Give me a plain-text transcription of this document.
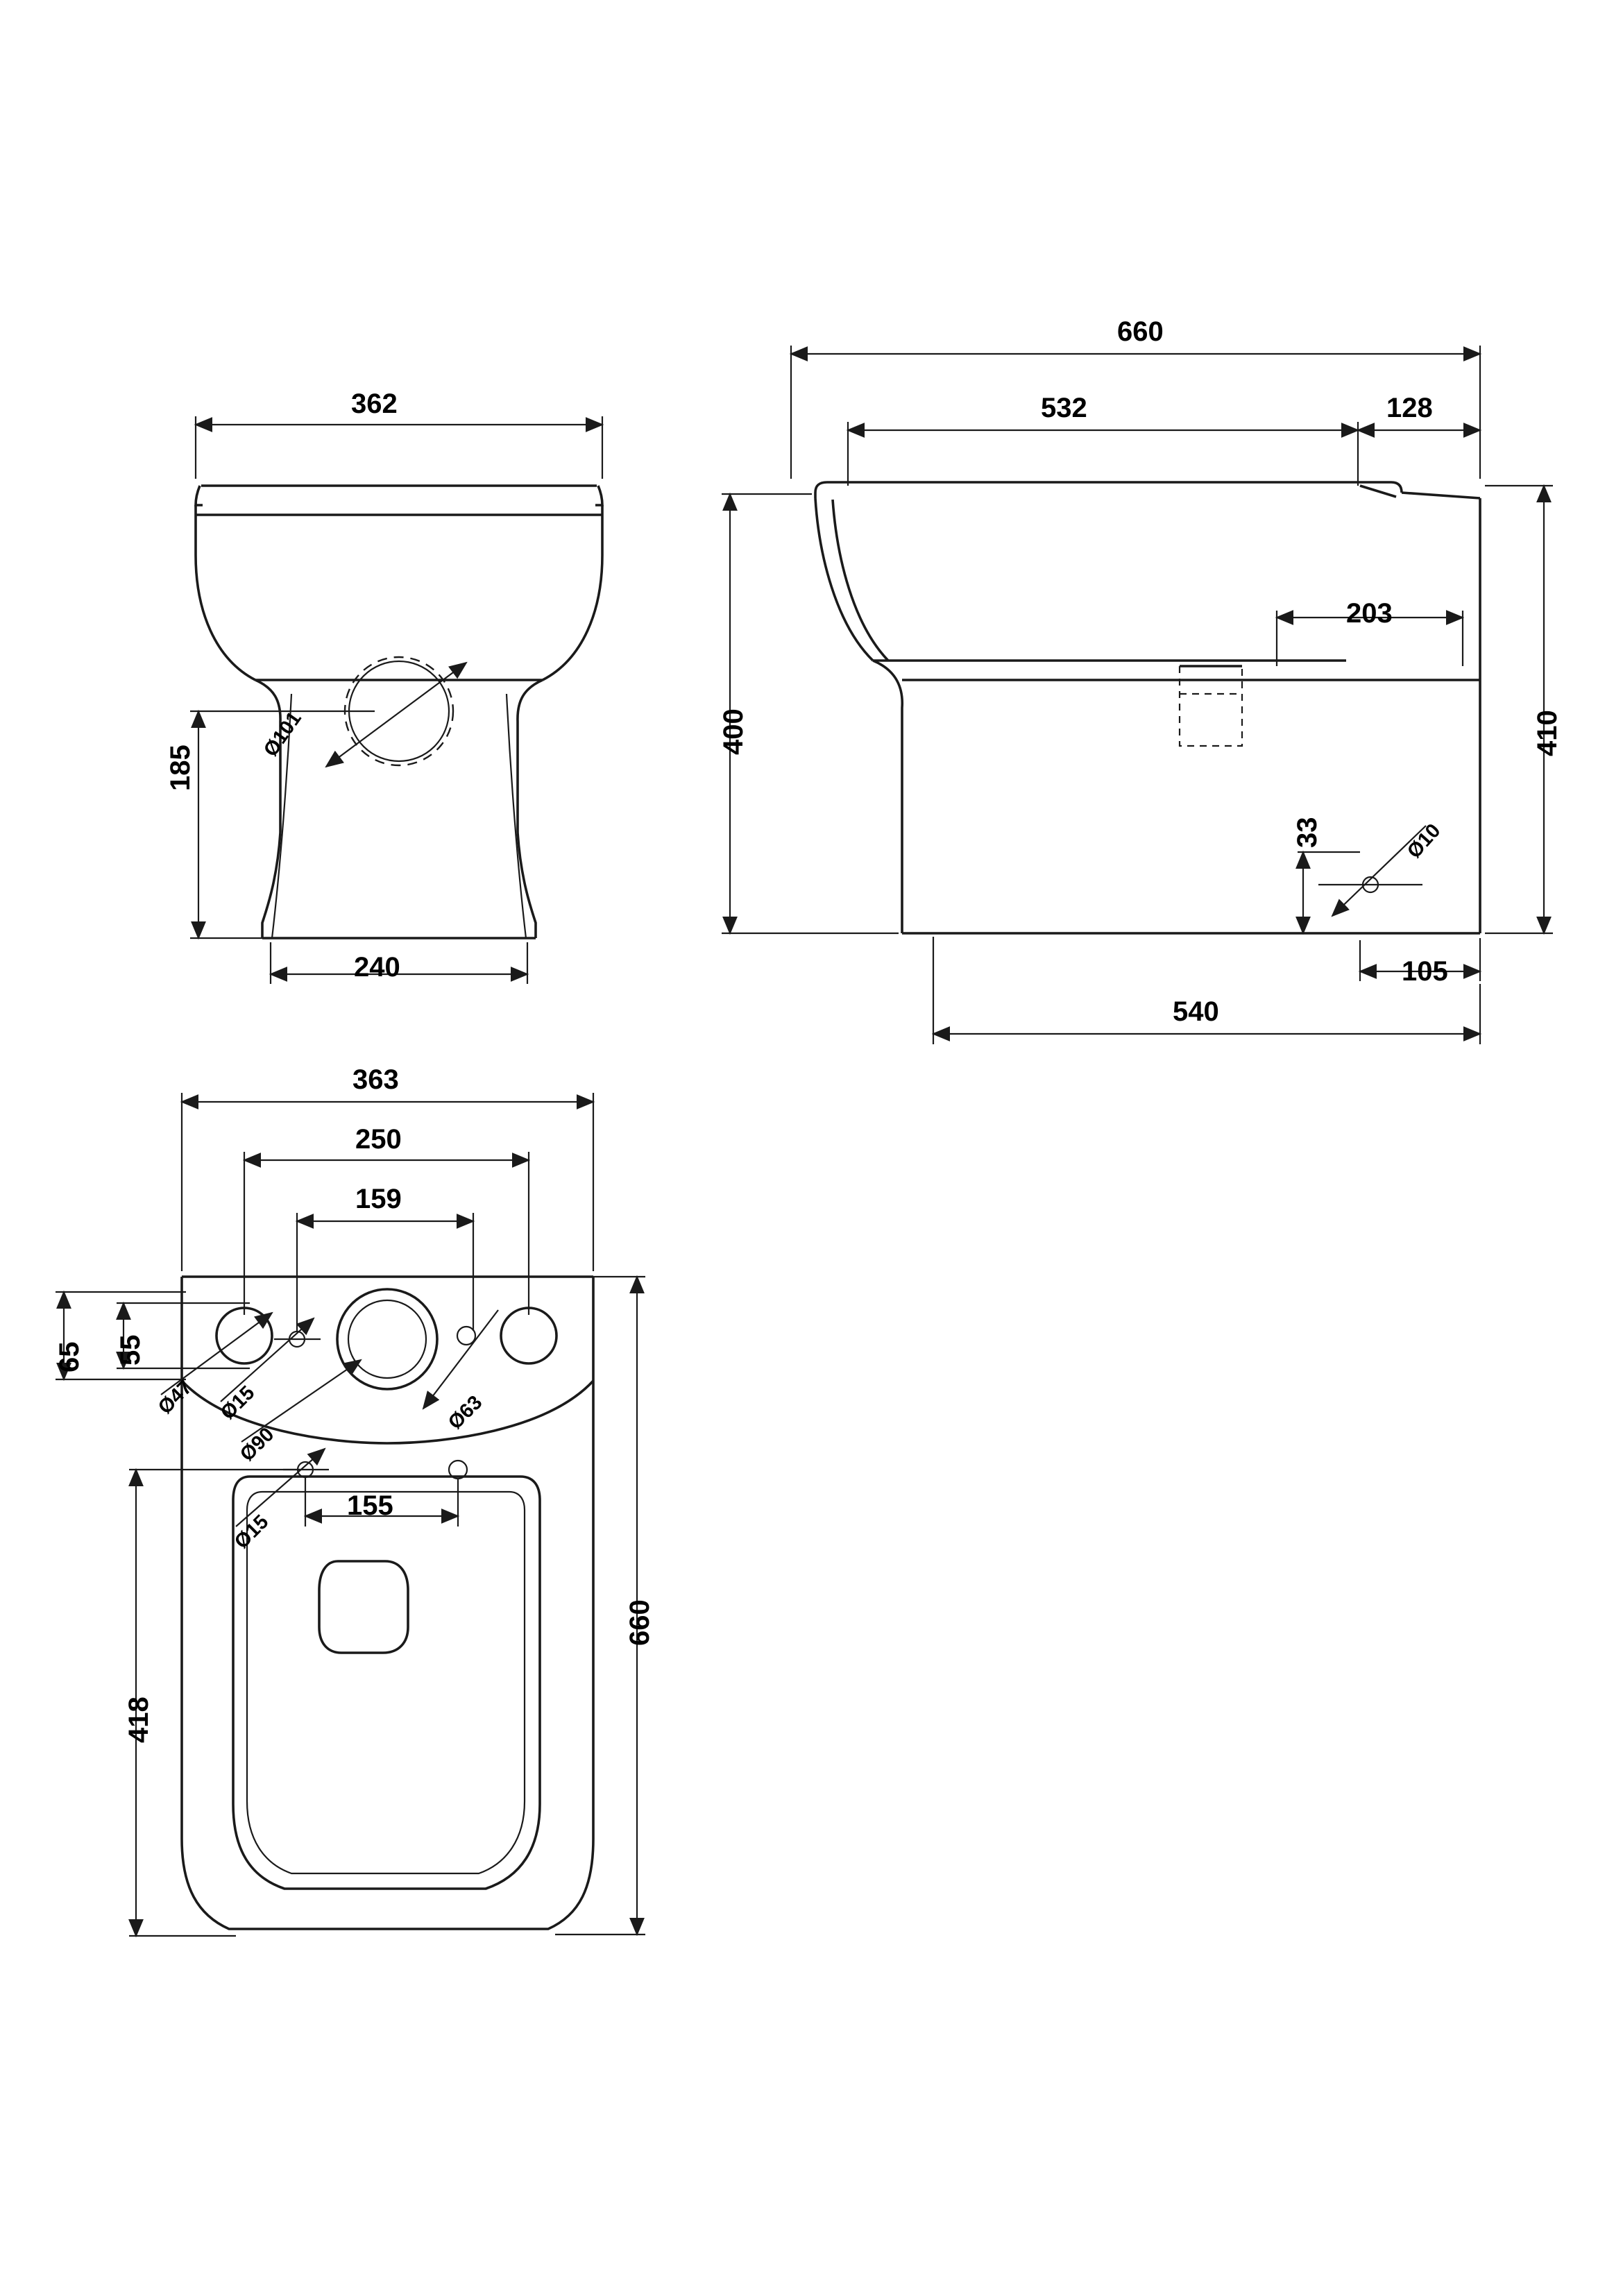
362
185
Ø101
240
660
532	128
400	410
203
33	Ø10
105
540
363
250
159
65 55
Ø47 Ø15
Ø90
Ø63
Ø15
155
418
660
